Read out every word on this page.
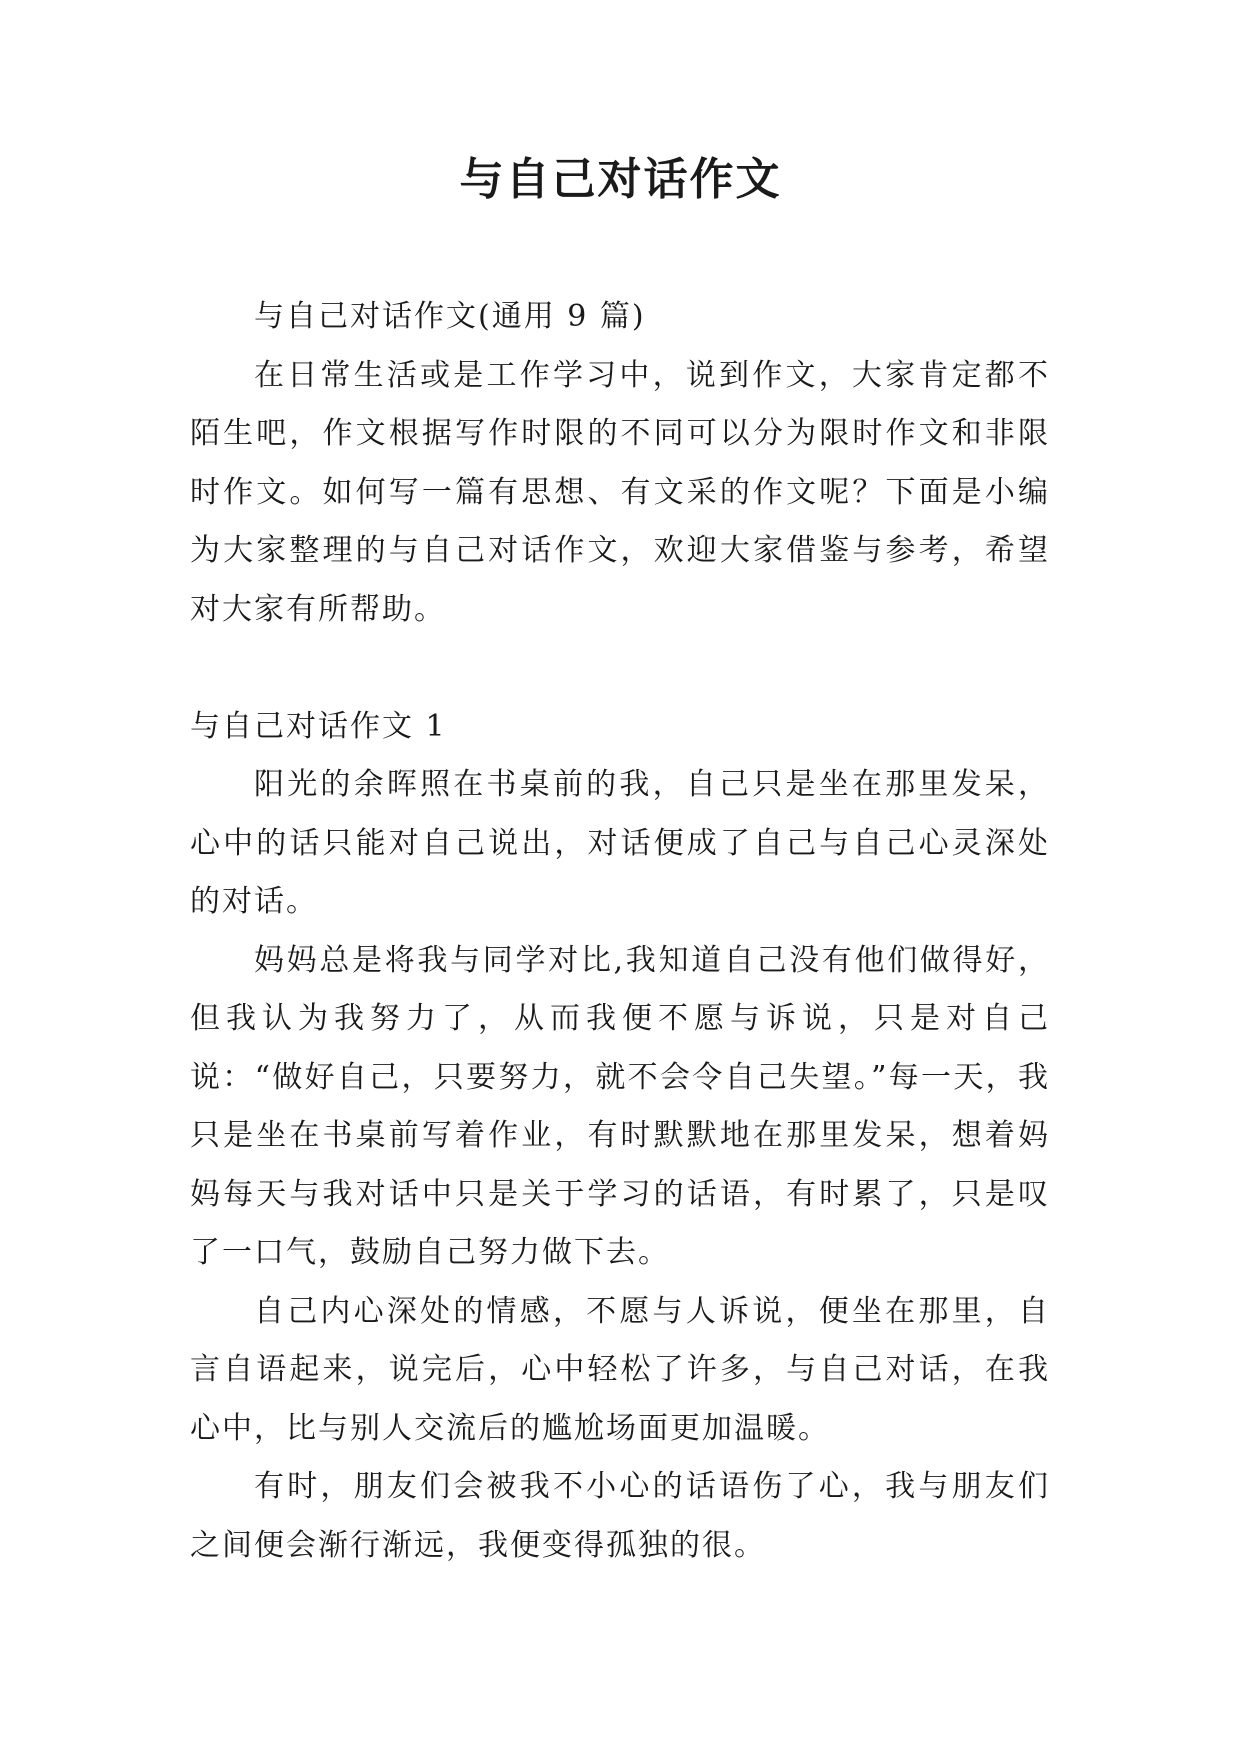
与自己对话作文

与自己对话作文(通用 9 篇)

在日常生活或是工作学习中，说到作文，大家肯定都不陌生吧，作文根据写作时限的不同可以分为限时作文和非限时作文。如何写一篇有思想、有文采的作文呢？下面是小编为大家整理的与自己对话作文，欢迎大家借鉴与参考，希望对大家有所帮助。

与自己对话作文 1

阳光的余晖照在书桌前的我，自己只是坐在那里发呆，心中的话只能对自己说出，对话便成了自己与自己心灵深处的对话。

妈妈总是将我与同学对比,我知道自己没有他们做得好，但我认为我努力了，从而我便不愿与诉说，只是对自己说：“做好自己，只要努力，就不会令自己失望。”每一天，我只是坐在书桌前写着作业，有时默默地在那里发呆，想着妈妈每天与我对话中只是关于学习的话语，有时累了，只是叹了一口气，鼓励自己努力做下去。

自己内心深处的情感，不愿与人诉说，便坐在那里，自言自语起来，说完后，心中轻松了许多，与自己对话，在我心中，比与别人交流后的尴尬场面更加温暖。

有时，朋友们会被我不小心的话语伤了心，我与朋友们之间便会渐行渐远，我便变得孤独的很。
